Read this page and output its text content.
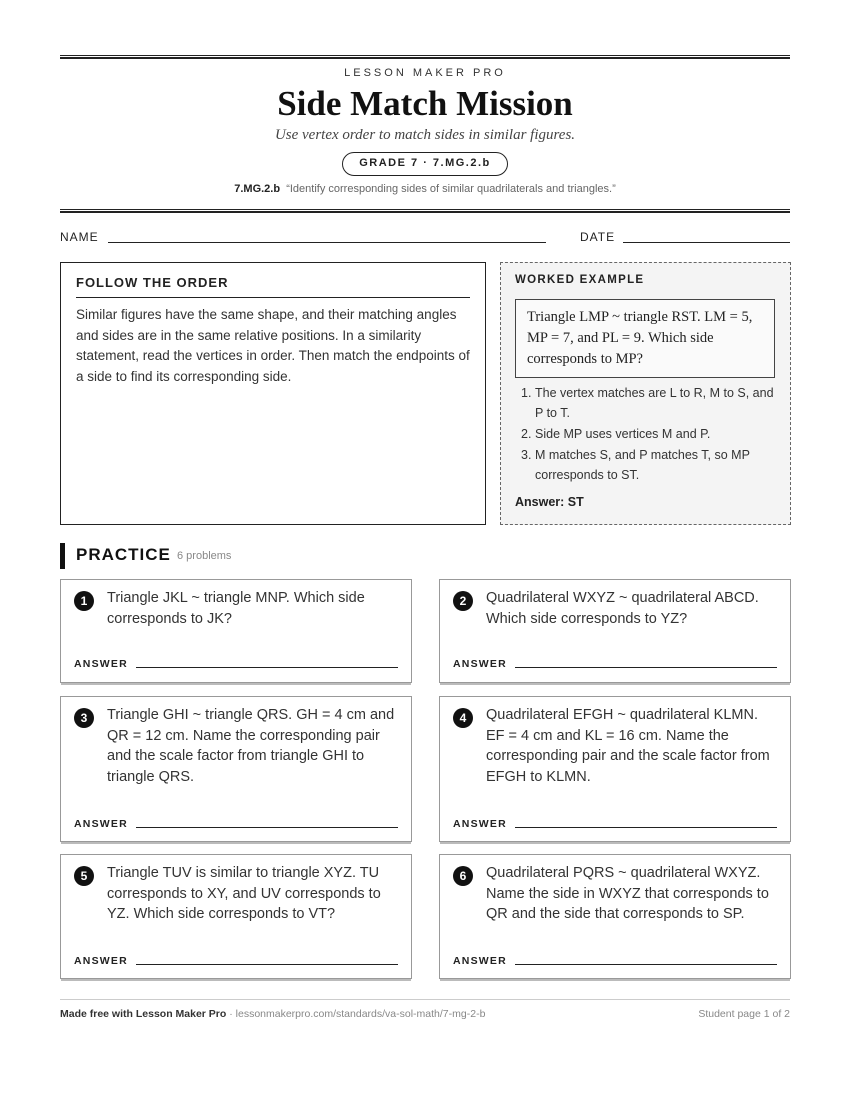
LESSON MAKER PRO
Side Match Mission
Use vertex order to match sides in similar figures.
GRADE 7 · 7.MG.2.b
7.MG.2.b “Identify corresponding sides of similar quadrilaterals and triangles.”
NAME	DATE
FOLLOW THE ORDER
Similar figures have the same shape, and their matching angles and sides are in the same relative positions. In a similarity statement, read the vertices in order. Then match the endpoints of a side to find its corresponding side.
WORKED EXAMPLE
Triangle LMP ~ triangle RST. LM = 5, MP = 7, and PL = 9. Which side corresponds to MP?
1. The vertex matches are L to R, M to S, and P to T.
2. Side MP uses vertices M and P.
3. M matches S, and P matches T, so MP corresponds to ST.
Answer: ST
PRACTICE 6 problems
1	Triangle JKL ~ triangle MNP. Which side corresponds to JK?
ANSWER
2	Quadrilateral WXYZ ~ quadrilateral ABCD. Which side corresponds to YZ?
ANSWER
3	Triangle GHI ~ triangle QRS. GH = 4 cm and QR = 12 cm. Name the corresponding pair and the scale factor from triangle GHI to triangle QRS.
ANSWER
4	Quadrilateral EFGH ~ quadrilateral KLMN. EF = 4 cm and KL = 16 cm. Name the corresponding pair and the scale factor from EFGH to KLMN.
ANSWER
5	Triangle TUV is similar to triangle XYZ. TU corresponds to XY, and UV corresponds to YZ. Which side corresponds to VT?
ANSWER
6	Quadrilateral PQRS ~ quadrilateral WXYZ. Name the side in WXYZ that corresponds to QR and the side that corresponds to SP.
ANSWER
Made free with Lesson Maker Pro · lessonmakerpro.com/standards/va-sol-math/7-mg-2-b	Student page 1 of 2
